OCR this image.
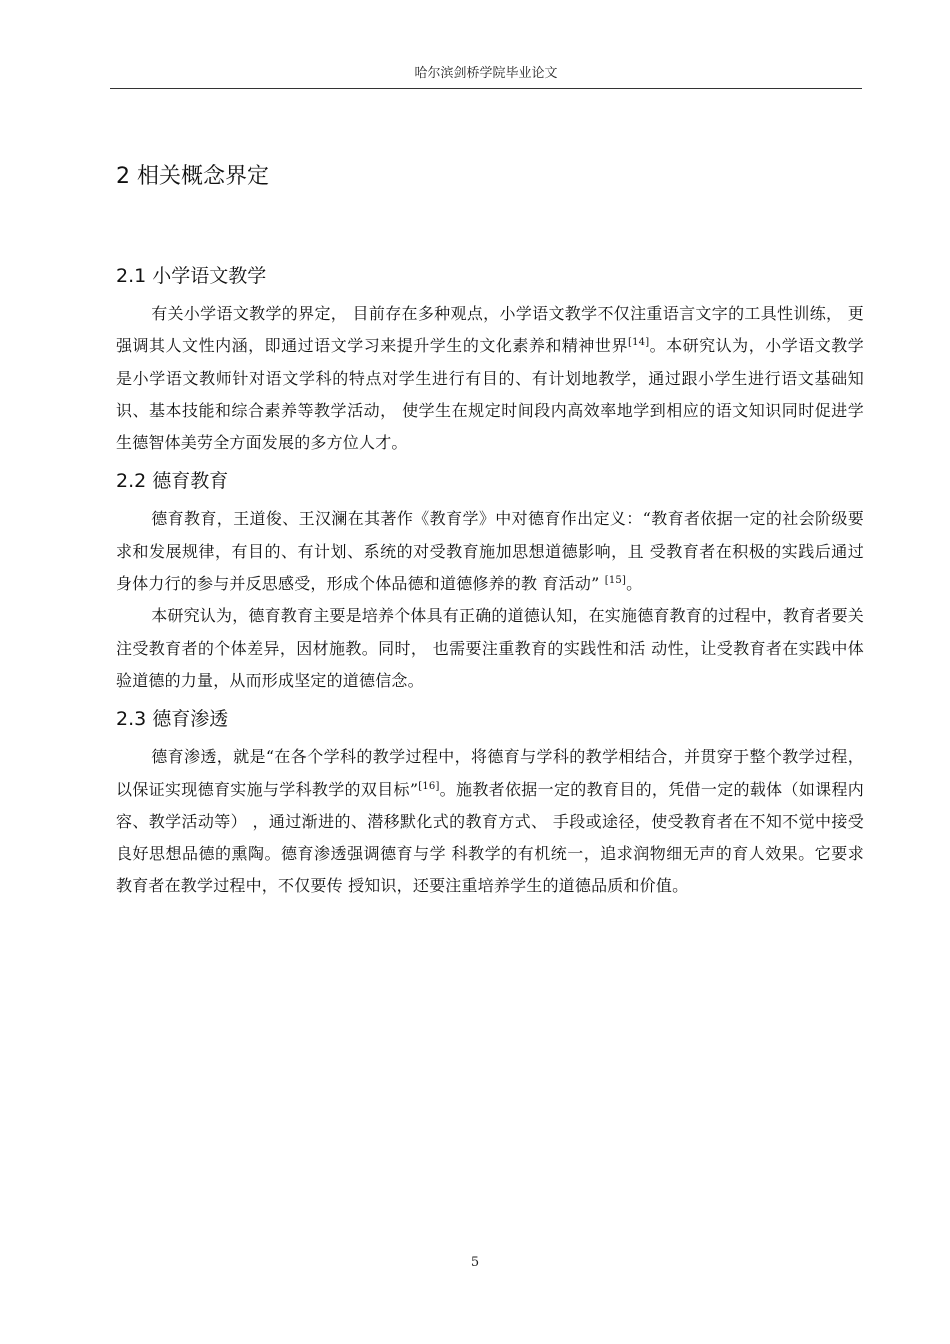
哈尔滨剑桥学院毕业论文
2 相关概念界定
2.1 小学语文教学

有关小学语文教学的界定， 目前存在多种观点，小学语文教学不仅注重语言文字的工具性训练， 更强调其人文性内涵，即通过语文学习来提升学生的文化素养和精神世界[14]。本研究认为，小学语文教学是小学语文教师针对语文学科的特点对学生进行有目的、有计划地教学，通过跟小学生进行语文基础知识、基本技能和综合素养等教学活动， 使学生在规定时间段内高效率地学到相应的语文知识同时促进学生德智体美劳全方面发展的多方位人才。

2.2 德育教育

德育教育，王道俊、王汉澜在其著作《教育学》中对德育作出定义：“教育者依据一定的社会阶级要求和发展规律，有目的、有计划、系统的对受教育施加思想道德影响，且 受教育者在积极的实践后通过身体力行的参与并反思感受，形成个体品德和道德修养的教 育活动” [15]。

本研究认为，德育教育主要是培养个体具有正确的道德认知，在实施德育教育的过程中，教育者要关注受教育者的个体差异，因材施教。同时， 也需要注重教育的实践性和活 动性，让受教育者在实践中体验道德的力量，从而形成坚定的道德信念。

2.3 德育渗透

德育渗透，就是“在各个学科的教学过程中，将德育与学科的教学相结合，并贯穿于整个教学过程，以保证实现德育实施与学科教学的双目标”[16]。施教者依据一定的教育目的，凭借一定的载体（如课程内容、教学活动等） ，通过渐进的、潜移默化式的教育方式、 手段或途径，使受教育者在不知不觉中接受良好思想品德的熏陶。德育渗透强调德育与学 科教学的有机统一，追求润物细无声的育人效果。它要求教育者在教学过程中，不仅要传 授知识，还要注重培养学生的道德品质和价值。

5
